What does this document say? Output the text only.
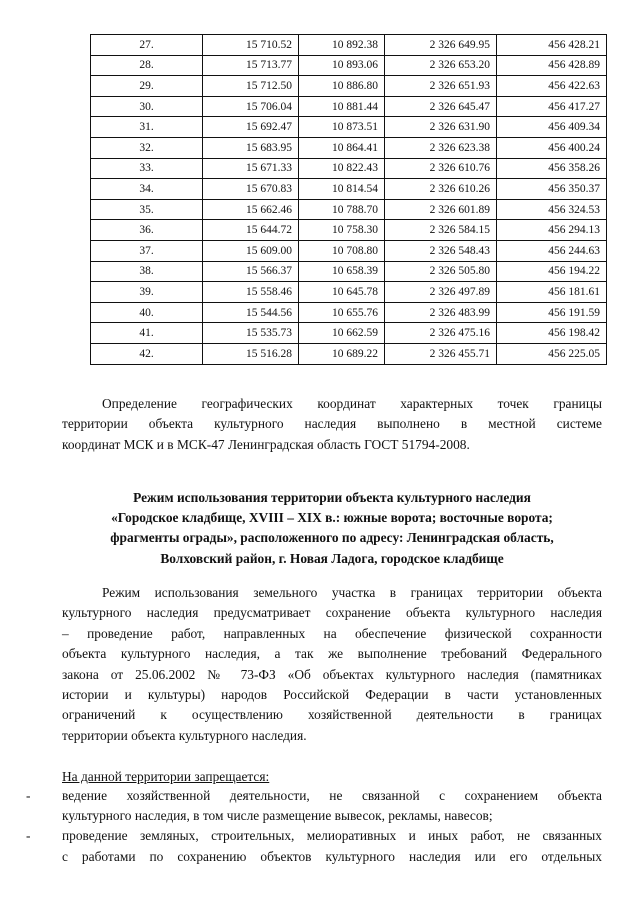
27.	15 710.52	10 892.38	2 326 649.95	456 428.21
28.	15 713.77	10 893.06	2 326 653.20	456 428.89
29.	15 712.50	10 886.80	2 326 651.93	456 422.63
30.	15 706.04	10 881.44	2 326 645.47	456 417.27
31.	15 692.47	10 873.51	2 326 631.90	456 409.34
32.	15 683.95	10 864.41	2 326 623.38	456 400.24
33.	15 671.33	10 822.43	2 326 610.76	456 358.26
34.	15 670.83	10 814.54	2 326 610.26	456 350.37
35.	15 662.46	10 788.70	2 326 601.89	456 324.53
36.	15 644.72	10 758.30	2 326 584.15	456 294.13
37.	15 609.00	10 708.80	2 326 548.43	456 244.63
38.	15 566.37	10 658.39	2 326 505.80	456 194.22
39.	15 558.46	10 645.78	2 326 497.89	456 181.61
40.	15 544.56	10 655.76	2 326 483.99	456 191.59
41.	15 535.73	10 662.59	2 326 475.16	456 198.42
42.	15 516.28	10 689.22	2 326 455.71	456 225.05
Определение географических координат характерных точек границы
территории объекта культурного наследия выполнено в местной системе
координат МСК и в МСК-47 Ленинградская область ГОСТ 51794-2008.
Режим использования территории объекта культурного наследия
«Городское кладбище, XVIII – XIX в.: южные ворота; восточные ворота;
фрагменты ограды», расположенного по адресу: Ленинградская область,
Волховский район, г. Новая Ладога, городское кладбище
Режим использования земельного участка в границах территории объекта
культурного наследия предусматривает сохранение объекта культурного наследия
– проведение работ, направленных на обеспечение физической сохранности
объекта культурного наследия, а так же выполнение требований Федерального
закона от 25.06.2002 № 73-ФЗ «Об объектах культурного наследия (памятниках
истории и культуры) народов Российской Федерации в части установленных
ограничений к осуществлению хозяйственной деятельности в границах
территории объекта культурного наследия.
На данной территории запрещается:
- ведение хозяйственной деятельности, не связанной с сохранением объекта
культурного наследия, в том числе размещение вывесок, рекламы, навесов;
- проведение земляных, строительных, мелиоративных и иных работ, не связанных
с работами по сохранению объектов культурного наследия или его отдельных
